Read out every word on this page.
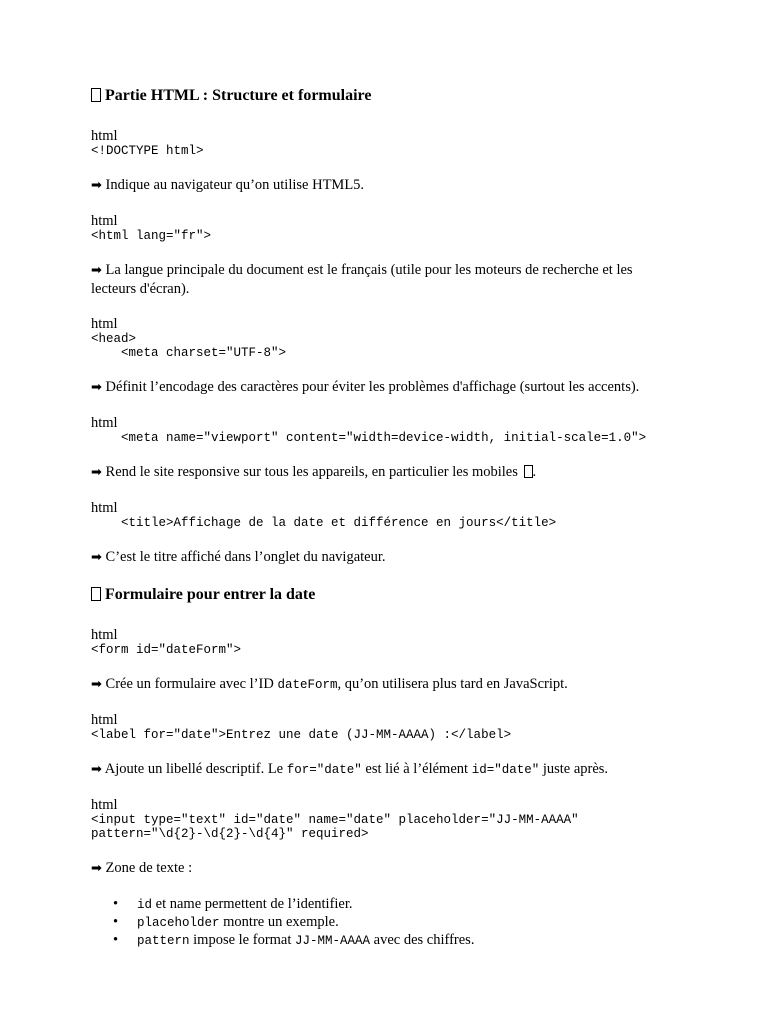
Partie HTML : Structure et formulaire

html

<!DOCTYPE html>

➡ Indique au navigateur qu’on utilise HTML5.

html

<html lang="fr">

➡ La langue principale du document est le français (utile pour les moteurs de recherche et les lecteurs d'écran).

html

<head>
<meta charset="UTF-8">

➡ Définit l’encodage des caractères pour éviter les problèmes d'affichage (surtout les accents).

html

<meta name="viewport" content="width=device-width, initial-scale=1.0">

➡ Rend le site responsive sur tous les appareils, en particulier les mobiles .

html

<title>Affichage de la date et différence en jours</title>

➡ C’est le titre affiché dans l’onglet du navigateur.

Formulaire pour entrer la date

html

<form id="dateForm">

➡ Crée un formulaire avec l’ID dateForm, qu’on utilisera plus tard en JavaScript.

html

<label for="date">Entrez une date (JJ-MM-AAAA) :</label>

➡ Ajoute un libellé descriptif. Le for="date" est lié à l’élément id="date" juste après.

html

<input type="text" id="date" name="date" placeholder="JJ-MM-AAAA"
pattern="\d{2}-\d{2}-\d{4}" required>

➡ Zone de texte :

• id et name permettent de l’identifier.
• placeholder montre un exemple.
• pattern impose le format JJ-MM-AAAA avec des chiffres.
